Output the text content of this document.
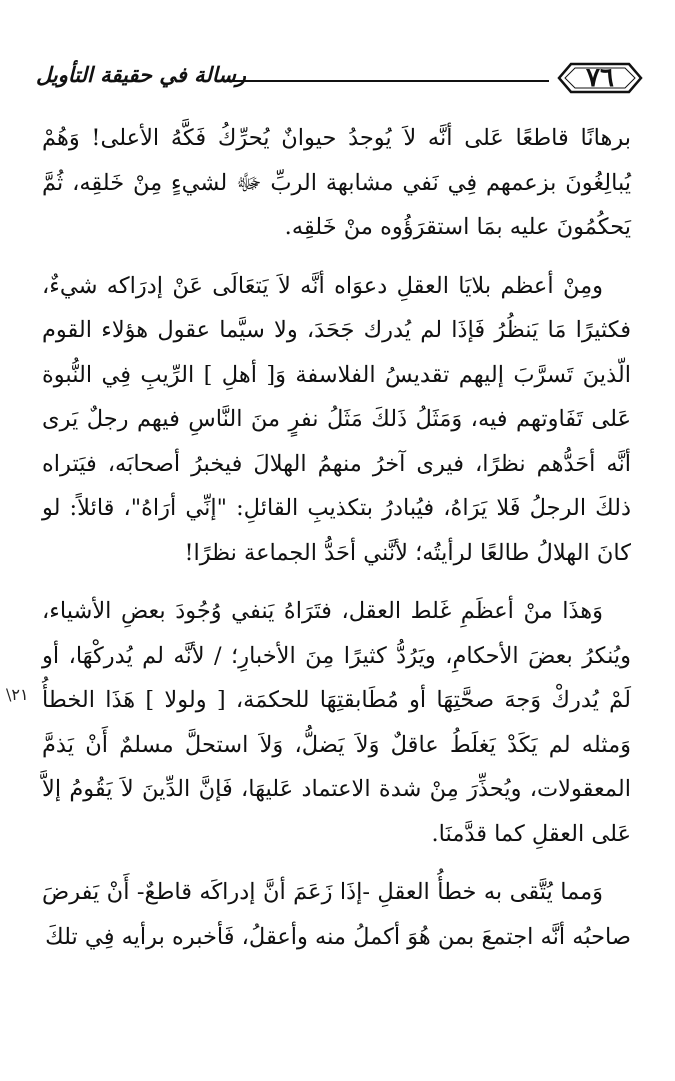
٧٦
رسالة في حقيقة التأويل
\٢١

برهانًا قاطعًا عَلى أنَّه لاَ يُوجدُ حيوانٌ يُحرِّكُ فَكَّهُ الأعلى! وَهُمْ يُبالِغُونَ بزعمهم فِي نَفي مشابهة الربِّ ﷻ لشيءٍ مِنْ خَلقِه، ثُمَّ يَحكُمُونَ عليه بمَا استقرَؤُوه منْ خَلقِه.

ومِنْ أعظم بلايَا العقلِ دعوَاه أنَّه لاَ يَتعَالَى عَنْ إدرَاكه شيءٌ، فكثيرًا مَا يَنظُرُ فَإذَا لم يُدرك جَحَدَ، ولا سيَّما عقول هؤلاء القوم الّذينَ تَسرَّبَ إليهم تقديسُ الفلاسفة وَ[ أهلِ ] الرِّيبِ فِي النُّبوة عَلى تَفَاوتهم فيه، وَمَثَلُ ذَلكَ مَثَلُ نفرٍ منَ النَّاسِ فيهم رجلٌ يَرى أنَّه أحَدُّهم نظرًا، فيرى آخرُ منهمُ الهلالَ فيخبرُ أصحابَه، فيَتراه ذلكَ الرجلُ فَلا يَرَاهُ، فيُبادرُ بتكذيبِ القائلِ: "إنِّي أرَاهُ"، قائلاً: لو كانَ الهلالُ طالعًا لرأيتُه؛ لأنَّني أحَدُّ الجماعة نظرًا!

وَهذَا منْ أعظَمِ غَلط العقل، فتَرَاهُ يَنفي وُجُودَ بعضِ الأشياء، ويُنكرُ بعضَ الأحكامِ، ويَرُدُّ كثيرًا مِنَ الأخبارِ؛ / لأنَّه لم يُدركْهَا، أو لَمْ يُدركْ وَجهَ صحَّتِهَا أو مُطَابقتِهَا للحكمَة، [ ولولا ] هَذَا الخطأُ وَمثله لم يَكَدْ يَغلَطُ عاقلٌ وَلاَ يَضلُّ، وَلاَ استحلَّ مسلمٌ أَنْ يَذمَّ المعقولات، ويُحذِّرَ مِنْ شدة الاعتماد عَليهَا، فَإنَّ الدِّينَ لاَ يَقُومُ إلاَّ عَلى العقلِ كما قدَّمنَا.

وَمما يُتَّقى به خطأُ العقلِ -إذَا زَعَمَ أنَّ إدراكَه قاطعٌ- أَنْ يَفرضَ صاحبُه أنَّه اجتمعَ بمن هُوَ أكملُ منه وأعقلُ، فَأخبره برأيه فِي تلكَ
